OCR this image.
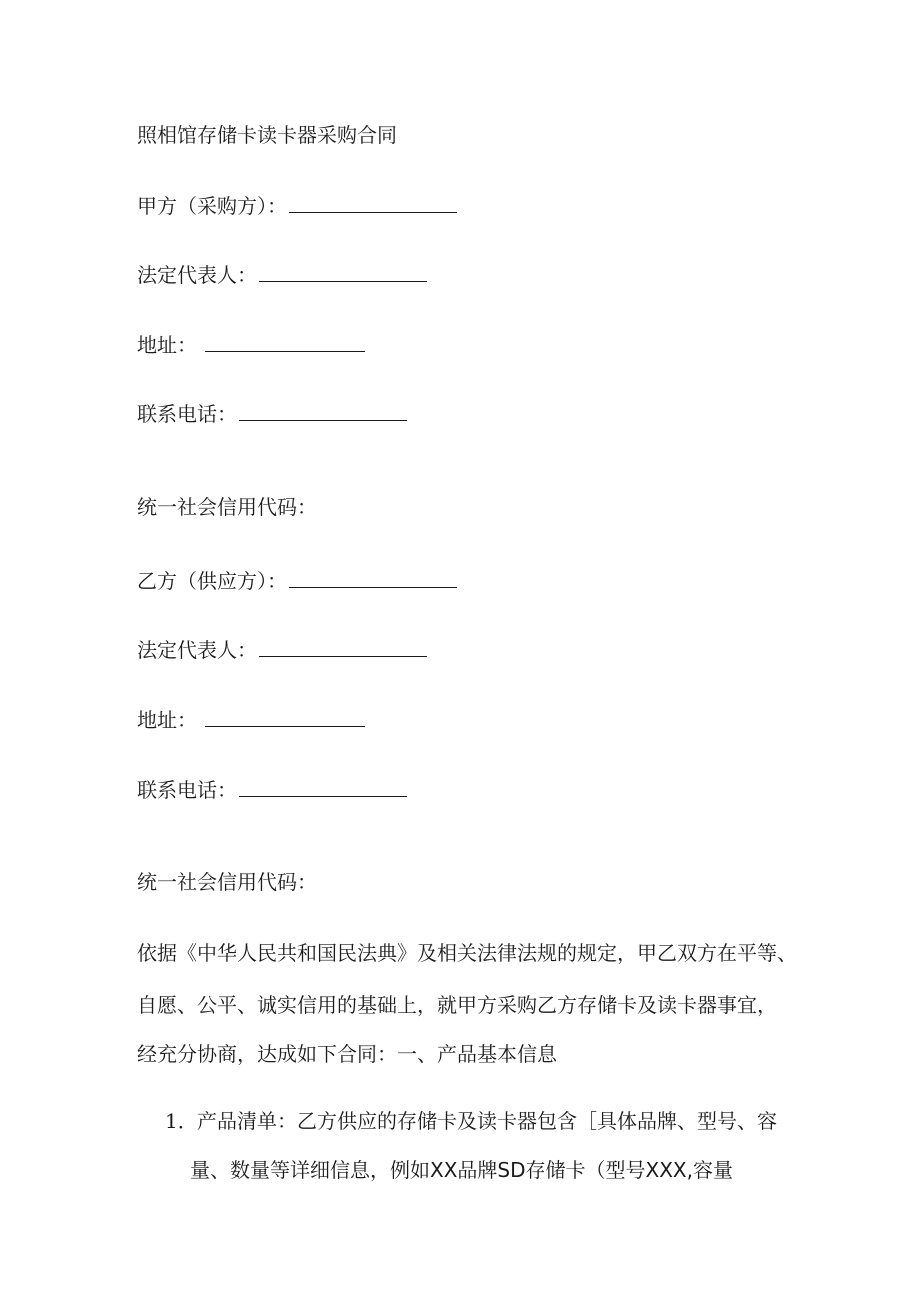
照相馆存储卡读卡器采购合同
甲方（采购方）：
法定代表人：
地址：
联系电话：
统一社会信用代码：
乙方（供应方）：
法定代表人：
地址：
联系电话：
统一社会信用代码：
依据《中华人民共和国民法典》及相关法律法规的规定，甲乙双方在平等、
自愿、公平、诚实信用的基础上，就甲方采购乙方存储卡及读卡器事宜，
经充分协商，达成如下合同：一、产品基本信息
1． 产品清单：乙方供应的存储卡及读卡器包含［具体品牌、型号、容
量、数量等详细信息，例如XX品牌SD存储卡（型号XXX,容量
